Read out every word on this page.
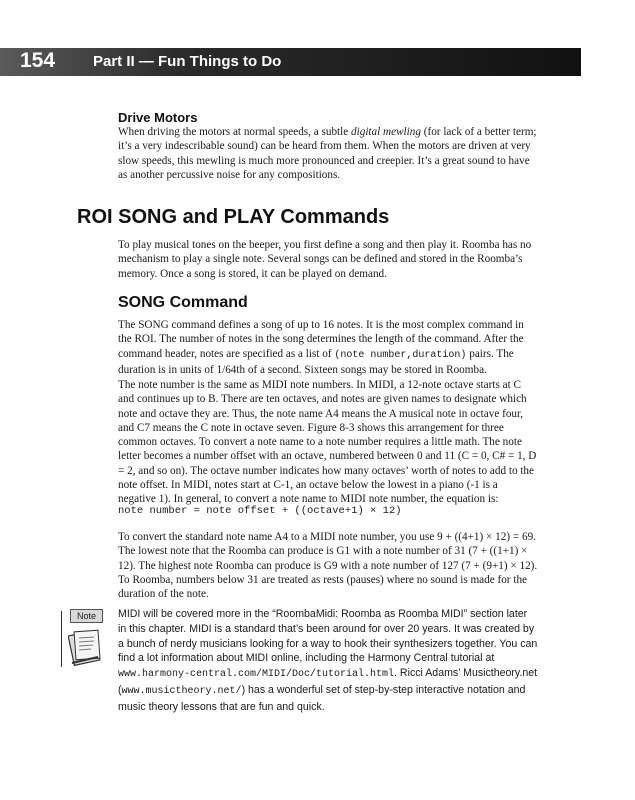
154	Part II — Fun Things to Do
Drive Motors

When driving the motors at normal speeds, a subtle digital mewling (for lack of a better term; it’s a very indescribable sound) can be heard from them. When the motors are driven at very slow speeds, this mewling is much more pronounced and creepier. It’s a great sound to have as another percussive noise for any compositions.

ROI SONG and PLAY Commands

To play musical tones on the beeper, you first define a song and then play it. Roomba has no mechanism to play a single note. Several songs can be defined and stored in the Roomba’s memory. Once a song is stored, it can be played on demand.

SONG Command

The SONG command defines a song of up to 16 notes. It is the most complex command in the ROI. The number of notes in the song determines the length of the command. After the command header, notes are specified as a list of (note number,duration) pairs. The duration is in units of 1/64th of a second. Sixteen songs may be stored in Roomba.

The note number is the same as MIDI note numbers. In MIDI, a 12-note octave starts at C and continues up to B. There are ten octaves, and notes are given names to designate which note and octave they are. Thus, the note name A4 means the A musical note in octave four, and C7 means the C note in octave seven. Figure 8-3 shows this arrangement for three common octaves. To convert a note name to a note number requires a little math. The note letter becomes a number offset with an octave, numbered between 0 and 11 (C = 0, C# = 1, D = 2, and so on). The octave number indicates how many octaves’ worth of notes to add to the note offset. In MIDI, notes start at C-1, an octave below the lowest in a piano (-1 is a negative 1). In general, to convert a note name to MIDI note number, the equation is:

note number = note offset + ((octave+1) × 12)

To convert the standard note name A4 to a MIDI note number, you use 9 + ((4+1) × 12) = 69. The lowest note that the Roomba can produce is G1 with a note number of 31 (7 + ((1+1) × 12). The highest note Roomba can produce is G9 with a note number of 127 (7 + (9+1) × 12). To Roomba, numbers below 31 are treated as rests (pauses) where no sound is made for the duration of the note.

Note	MIDI will be covered more in the “RoombaMidi: Roomba as Roomba MIDI” section later in this chapter. MIDI is a standard that’s been around for over 20 years. It was created by a bunch of nerdy musicians looking for a way to hook their synthesizers together. You can find a lot information about MIDI online, including the Harmony Central tutorial at www.harmony-central.com/MIDI/Doc/tutorial.html. Ricci Adams’ Musictheory.net (www.musictheory.net/) has a wonderful set of step-by-step interactive notation and music theory lessons that are fun and quick.
